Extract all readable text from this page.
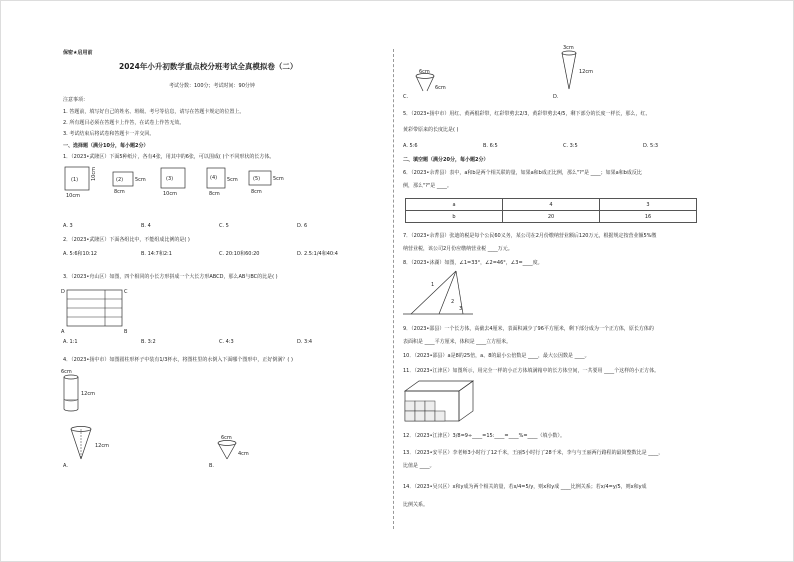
保密★启用前
2024年小升初数学重点校分班考试全真模拟卷（二）
考试分数：100分；考试时间：90分钟
注意事项：
1. 答题前，填写好自己的姓名、班级、考号等信息，请写在答题卡规定的位置上。
2. 所有题目必须在答题卡上作答，在试卷上作答无效。
3. 考试结束后将试卷和答题卡一并交回。
一、选择题（满分10分，每小题2分）
1．（2023•武隆区）下面5种纸片，各有4张，用其中的6张，可以围成( )个不同形状的长方体。
(1)
10cm
10cm	(2)
8cm
5cm	(3)
10cm
(4)
8cm
5cm	(5)
8cm
5cm
A. 3	B. 4	C. 5	D. 6
2．（2023•武隆区）下面各组比中，不能组成比例的是( )
A. 5:6和10:12	B. 14:7和2:1	C. 20:10和60:20	D. 2.5:1/4和40:4
3．（2023•舟山区）如图，四个相同的小长方形拼成一个大长方形ABCD，那么AB与BC的比是( )
D	C
A	B
A. 1:1	B. 3:2	C. 4:3	D. 3:4
4．（2023•扬中市）如图圆柱形杯子中装有1/3杯水，将图柱里的水倒入下面哪个图形中，正好倒满？( )
6cm
12cm
12cm
6cm
4cm
A.	B.
6cm
6cm
3cm
12cm
C.	D.
5．（2023•扬中市）用红、黄两根彩带，红彩带剪去2/3，黄彩带剪去4/5，剩下部分的长度一样长，那么，红、
黄彩带原来的长度比是( )
A. 5:6	B. 6:5	C. 3:5	D. 5:3
二、填空题（满分20分，每小题2分）
6．（2023•余菁县）表中，a和b是两个相关联的量，如果a和b成正比例，那么"?"是 ____；如果a和b成反比
例，那么"?"是 ____。
a	4	3
b	20	16
7．（2023•余菁县）张迪的税是每个公民60义务，某公司在2月份缴纳营业额后120万元，根据规定按营业额5%缴
纳营业税，该公司2月份应缴纳营业税 ____万元。
8．（2023•沐湖）如图，∠1=33°，∠2=46°，∠3=____度。
1
2
3
9．（2023•邵县）一个长方体，高截去4厘米，表面积减少了96平方厘米，剩下部分成为一个正方体，原长方体的
表面积是 ____平方厘米，体积是 ____立方厘米。
10．（2023•邵县）a是8的25倍，a、8的最小公倍数是 ____，最大公因数是 ____。
11．（2023•江津区）如图所示，用完全一样的小正方体填满箱中的长方体空间，一共要用 ____个这样的小正方体。
12．（2023•江津区）3/8=9÷____=15:____=____%=____（填小数）。
13．（2023•安平区）李老师3小时行了12千米，王丽5小时行了28千米，李与与王丽两行路程的最简整数比是 ____，
比值是 ____。
14．（2023•吴兴区）x和y成为两个相关的量，若x/4=5/y，则x和y成 ____比例关系；若x/4=y/5，则x和y成
比例关系。
